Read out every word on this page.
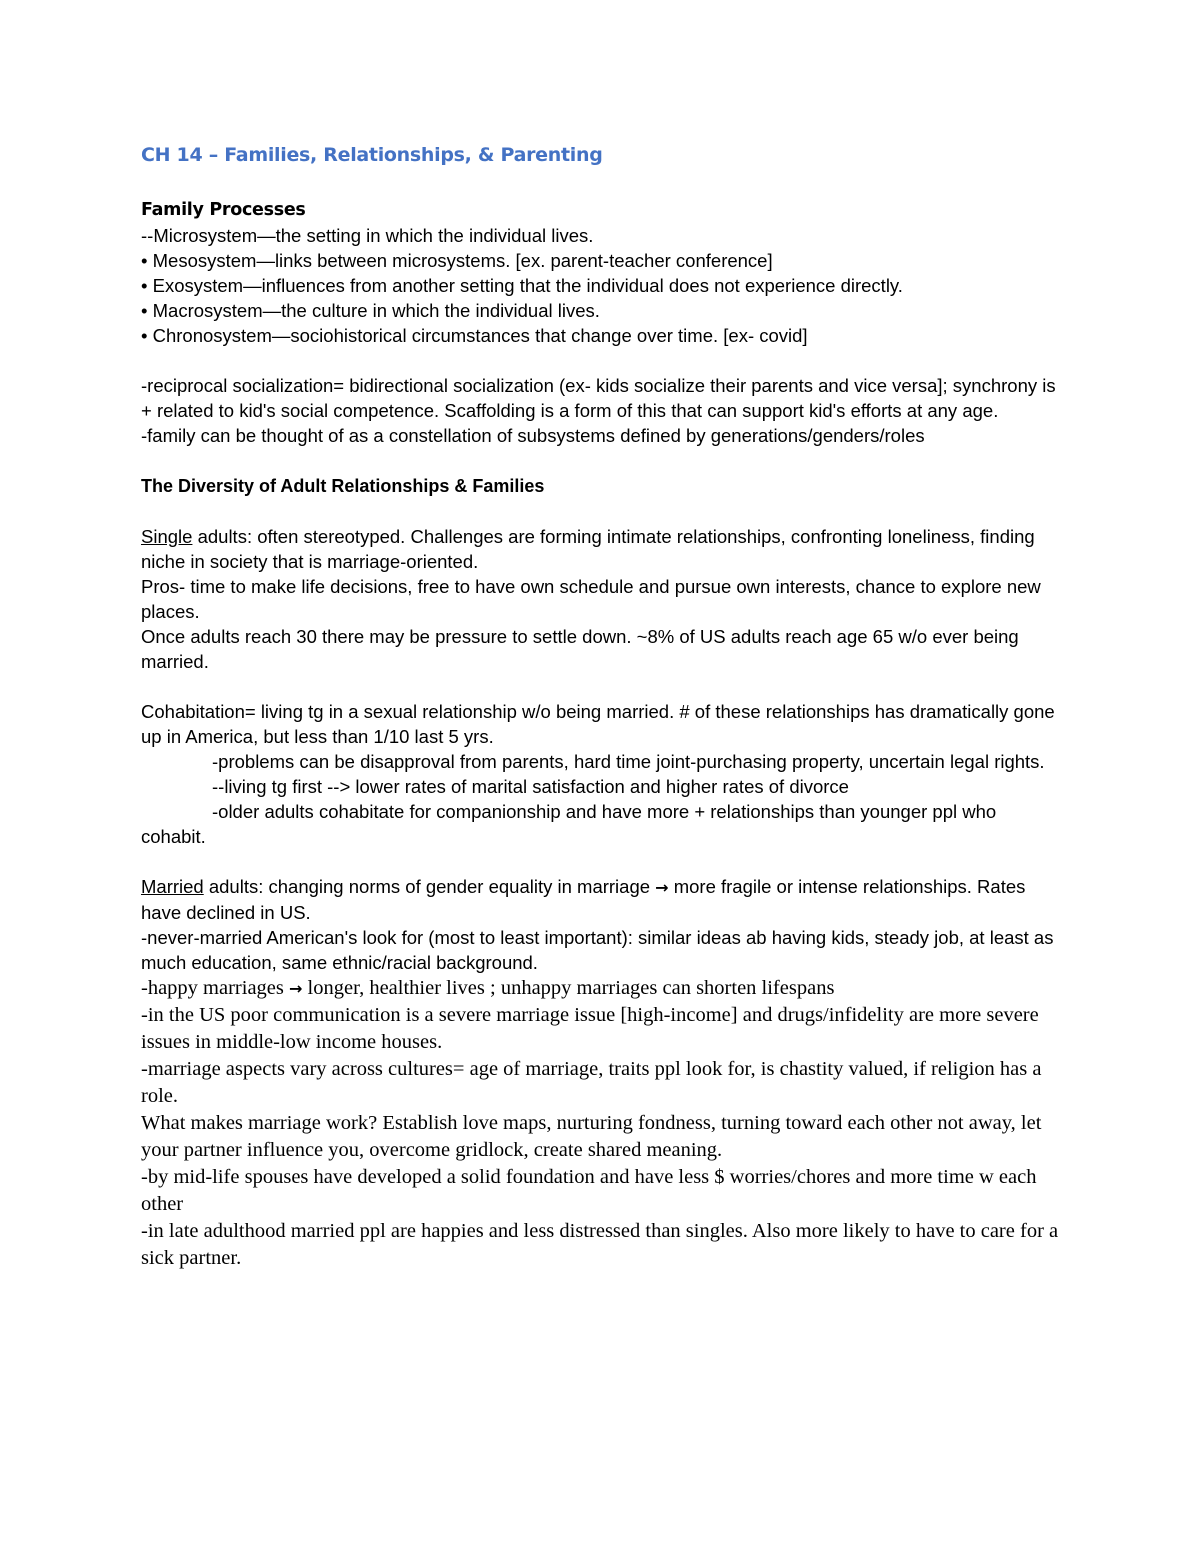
CH 14 – Families, Relationships, & Parenting
Family Processes

--Microsystem—the setting in which the individual lives.

• Mesosystem—links between microsystems. [ex. parent-teacher conference]

• Exosystem—influences from another setting that the individual does not experience directly.

• Macrosystem—the culture in which the individual lives.

• Chronosystem—sociohistorical circumstances that change over time. [ex- covid]

-reciprocal socialization= bidirectional socialization (ex- kids socialize their parents and vice versa]; synchrony is + related to kid's social competence. Scaffolding is a form of this that can support kid's efforts at any age.

-family can be thought of as a constellation of subsystems defined by generations/genders/roles

The Diversity of Adult Relationships & Families

Single adults: often stereotyped. Challenges are forming intimate relationships, confronting loneliness, finding niche in society that is marriage-oriented.

Pros- time to make life decisions, free to have own schedule and pursue own interests, chance to explore new places.

Once adults reach 30 there may be pressure to settle down. ~8% of US adults reach age 65 w/o ever being married.

Cohabitation= living tg in a sexual relationship w/o being married. # of these relationships has dramatically gone up in America, but less than 1/10 last 5 yrs.

-problems can be disapproval from parents, hard time joint-purchasing property, uncertain legal rights.

--living tg first --> lower rates of marital satisfaction and higher rates of divorce

-older adults cohabitate for companionship and have more + relationships than younger ppl who cohabit.

Married adults: changing norms of gender equality in marriage → more fragile or intense relationships. Rates have declined in US.

-never-married American's look for (most to least important): similar ideas ab having kids, steady job, at least as much education, same ethnic/racial background.

-happy marriages → longer, healthier lives ; unhappy marriages can shorten lifespans

-in the US poor communication is a severe marriage issue [high-income] and drugs/infidelity are more severe issues in middle-low income houses.

-marriage aspects vary across cultures= age of marriage, traits ppl look for, is chastity valued, if religion has a role.

What makes marriage work? Establish love maps, nurturing fondness, turning toward each other not away, let your partner influence you, overcome gridlock, create shared meaning.

-by mid-life spouses have developed a solid foundation and have less $ worries/chores and more time w each other

-in late adulthood married ppl are happies and less distressed than singles. Also more likely to have to care for a sick partner.
